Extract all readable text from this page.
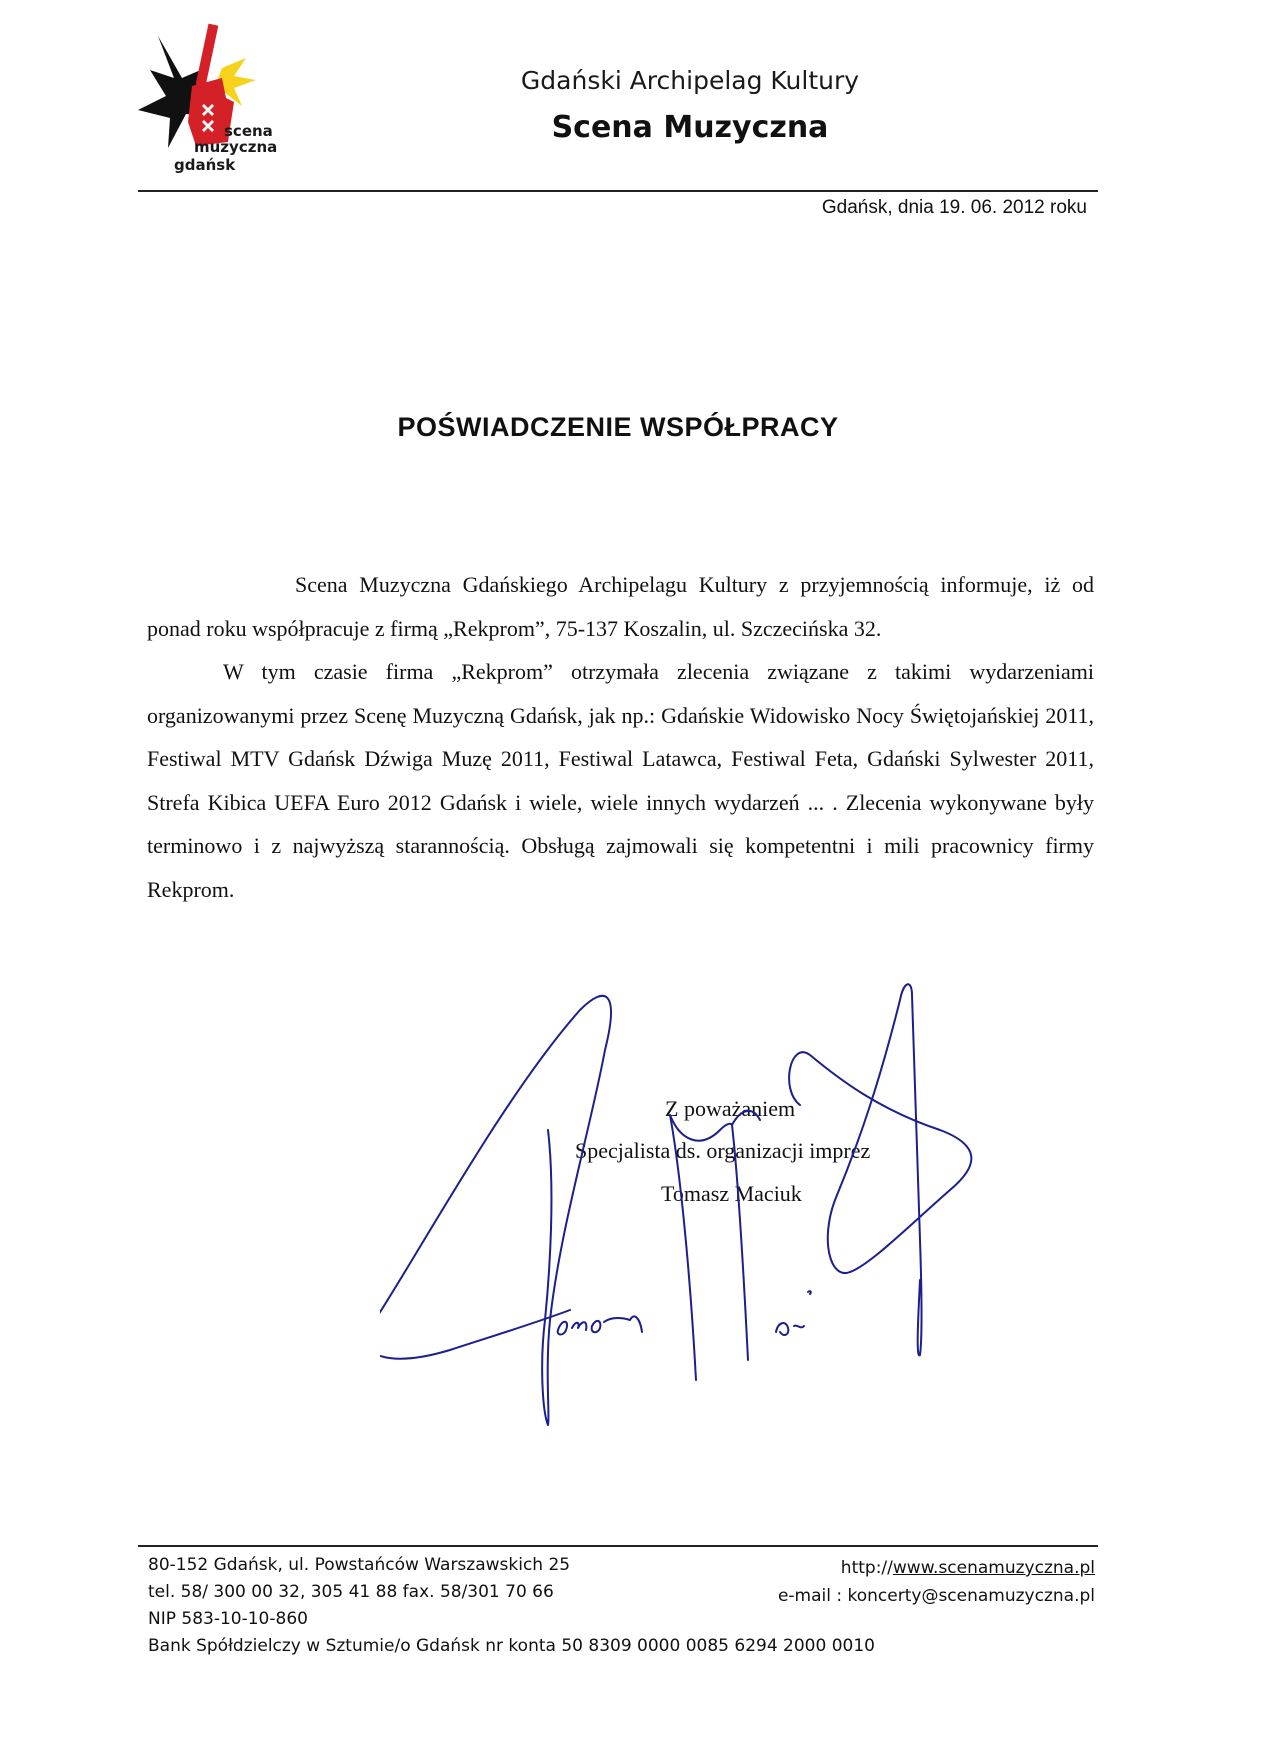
scena
muzyczna
gdańsk
Gdański Archipelag Kultury
Scena Muzyczna
Gdańsk, dnia 19. 06. 2012 roku
POŚWIADCZENIE WSPÓŁPRACY

Scena Muzyczna Gdańskiego Archipelagu Kultury z przyjemnością informuje, iż od ponad roku współpracuje z firmą „Rekprom”, 75-137 Koszalin, ul. Szczecińska 32.

W tym czasie firma „Rekprom” otrzymała zlecenia związane z takimi wydarzeniami organizowanymi przez Scenę Muzyczną Gdańsk, jak np.: Gdańskie Widowisko Nocy Świętojańskiej 2011, Festiwal MTV Gdańsk Dźwiga Muzę 2011, Festiwal Latawca, Festiwal Feta, Gdański Sylwester 2011, Strefa Kibica UEFA Euro 2012 Gdańsk i wiele, wiele innych wydarzeń ... . Zlecenia wykonywane były terminowo i z najwyższą starannością. Obsługą zajmowali się kompetentni i mili pracownicy firmy Rekprom.

Z poważaniem
Specjalista ds. organizacji imprez
Tomasz Maciuk
80-152 Gdańsk, ul. Powstańców Warszawskich 25
tel. 58/ 300 00 32, 305 41 88 fax. 58/301 70 66
NIP 583-10-10-860
Bank Spółdzielczy w Sztumie/o Gdańsk nr konta 50 8309 0000 0085 6294 2000 0010
http://www.scenamuzyczna.pl
e-mail : koncerty@scenamuzyczna.pl
